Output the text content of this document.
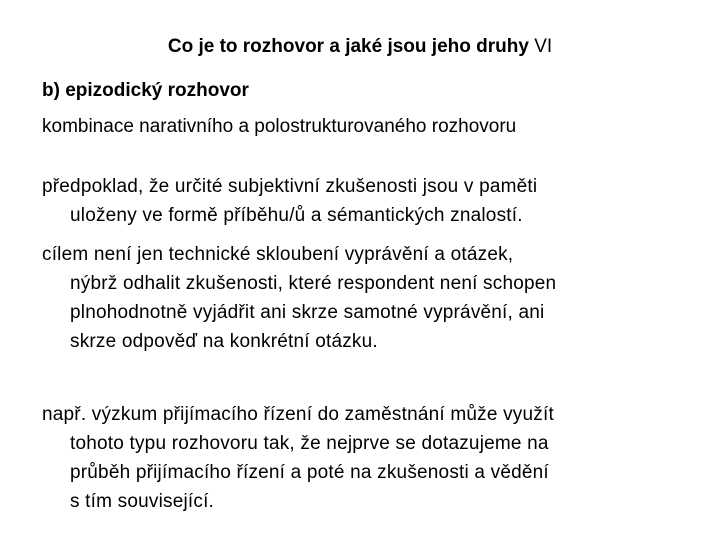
Co je to rozhovor a jaké jsou jeho druhy VI
b) epizodický rozhovor
kombinace narativního a polostrukturovaného rozhovoru
předpoklad, že určité subjektivní zkušenosti jsou v paměti
uloženy ve formě příběhu/ů a sémantických znalostí.
cílem není jen technické skloubení vyprávění a otázek,
nýbrž odhalit zkušenosti, které respondent není schopen
plnohodnotně vyjádřit ani skrze samotné vyprávění, ani
skrze odpověď na konkrétní otázku.
např. výzkum přijímacího řízení do zaměstnání může využít
tohoto typu rozhovoru tak, že nejprve se dotazujeme na
průběh přijímacího řízení a poté na zkušenosti a vědění
s tím související.
